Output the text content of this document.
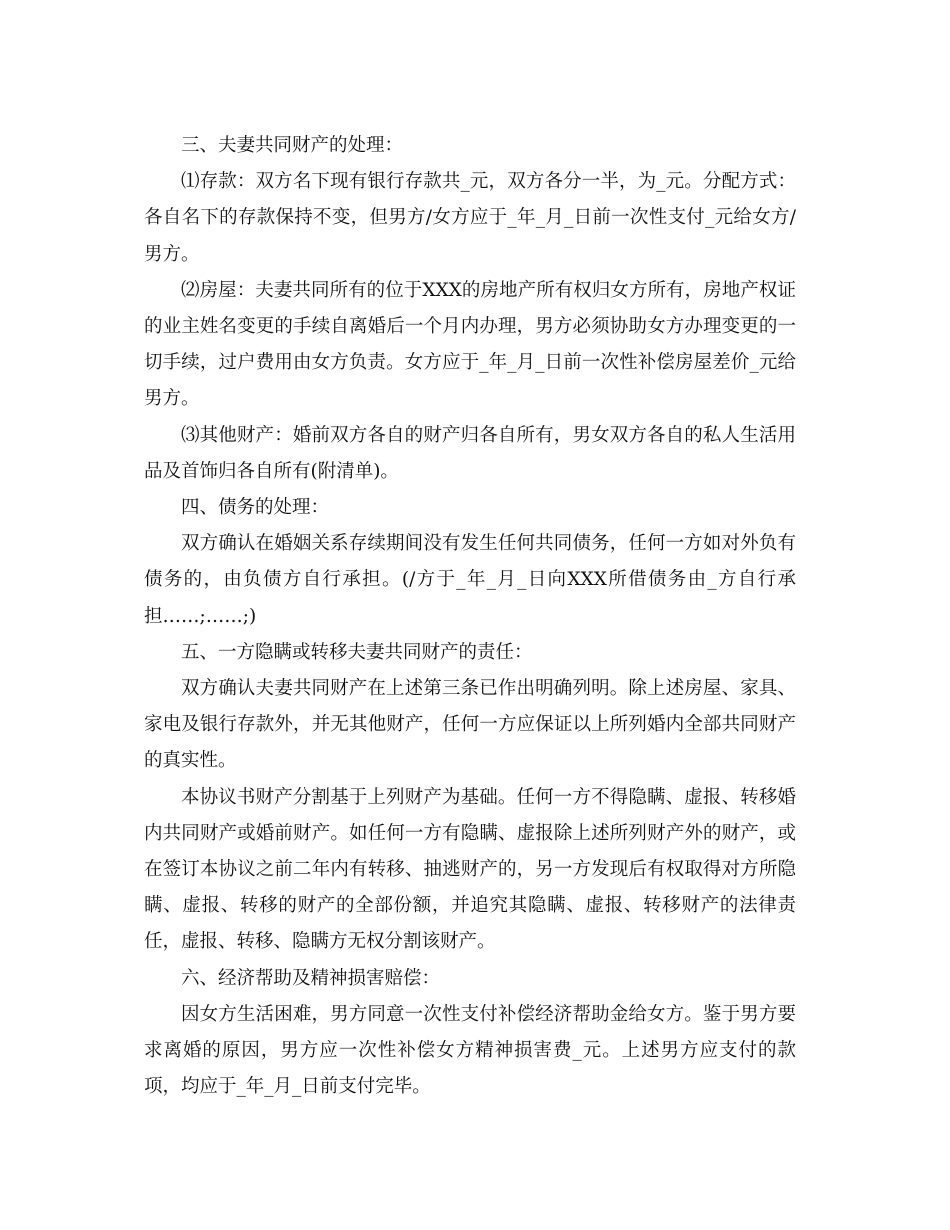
三、夫妻共同财产的处理：

⑴存款：双方名下现有银行存款共_元，双方各分一半，为_元。分配方式：各自名下的存款保持不变，但男方/女方应于_年_月_日前一次性支付_元给女方/男方。

⑵房屋：夫妻共同所有的位于XXX的房地产所有权归女方所有，房地产权证的业主姓名变更的手续自离婚后一个月内办理，男方必须协助女方办理变更的一切手续，过户费用由女方负责。女方应于_年_月_日前一次性补偿房屋差价_元给男方。

⑶其他财产：婚前双方各自的财产归各自所有，男女双方各自的私人生活用品及首饰归各自所有(附清单)。

四、债务的处理：

双方确认在婚姻关系存续期间没有发生任何共同债务，任何一方如对外负有债务的，由负债方自行承担。(/方于_年_月_日向XXX所借债务由_方自行承担……;……;)

五、一方隐瞒或转移夫妻共同财产的责任：

双方确认夫妻共同财产在上述第三条已作出明确列明。除上述房屋、家具、家电及银行存款外，并无其他财产，任何一方应保证以上所列婚内全部共同财产的真实性。

本协议书财产分割基于上列财产为基础。任何一方不得隐瞒、虚报、转移婚内共同财产或婚前财产。如任何一方有隐瞒、虚报除上述所列财产外的财产，或在签订本协议之前二年内有转移、抽逃财产的，另一方发现后有权取得对方所隐瞒、虚报、转移的财产的全部份额，并追究其隐瞒、虚报、转移财产的法律责任，虚报、转移、隐瞒方无权分割该财产。

六、经济帮助及精神损害赔偿：

因女方生活困难，男方同意一次性支付补偿经济帮助金给女方。鉴于男方要求离婚的原因，男方应一次性补偿女方精神损害费_元。上述男方应支付的款项，均应于_年_月_日前支付完毕。
